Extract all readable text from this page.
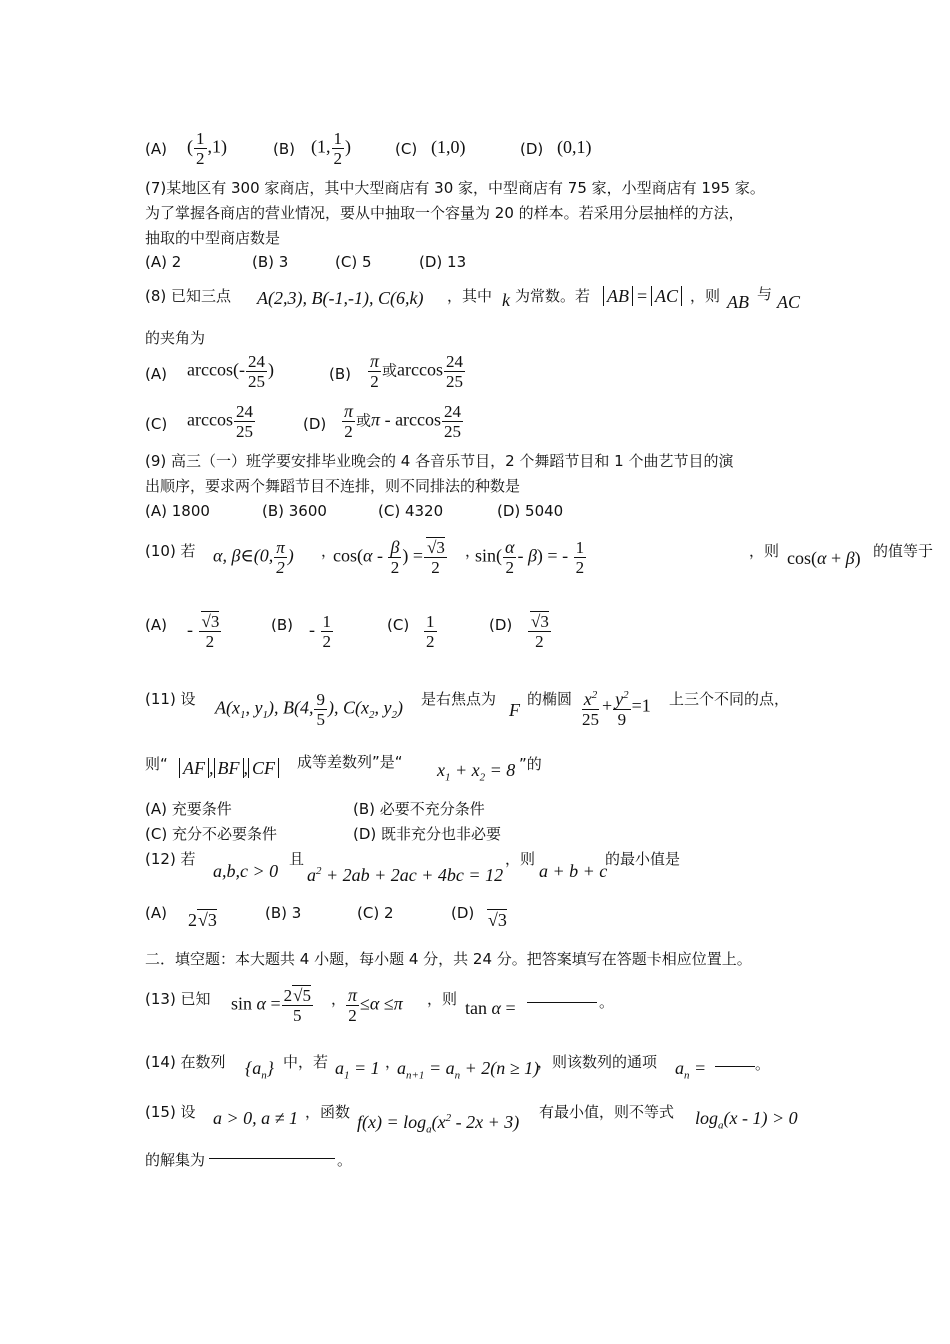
(A) ( $\frac{1}{2} ,1$)	(B) (1, $\frac{1}{2}$ )	(C) (1,0)	(D) (0,1)
(7)某地区有 300 家商店，其中大型商店有 30 家，中型商店有 75 家，小型商店有 195 家。
为了掌握各商店的营业情况，要从中抽取一个容量为 20 的样本。若采用分层抽样的方法，
抽取的中型商店数是
(A) 2	(B) 3	(C) 5	(D) 13
(8) 已知三点 A(2,3), B(-1,-1), C(6,k) ，其中 k 为常数。若 AB = AC ，则 AB 与 AC
的夹角为
(A) $\arccos(- \frac{24}{25}$ )	$(B) \frac{\pi}{2}$ 或$\arccos \frac{24}{25}$
(C) $\arccos \frac{24}{25}$	$(D) \frac{\pi}{2}$ 或π - $\arccos \frac{24}{25}$
(9) 高三（一）班学要安排毕业晚会的 4 各音乐节目，2 个舞蹈节目和 1 个曲艺节目的演
出顺序，要求两个舞蹈节目不连排，则不同排法的种数是
(A) 1800	(B) 3600	(C) 4320	(D) 5040
(10) 若 α, β∈(0, $\frac{\pi}{2}$ ) ，
$\cos(\alpha - \frac{\beta}{2}$ ) = $\frac{√3}{2}$ ，
$\sin( \frac{\alpha}{2} - \beta)$ = - $\frac{1}{2}$	，则 cos(α + β) 的值等于
$(A) - \frac{√3}{2}$	$(B) - \frac{1}{2}$	$(C) \frac{1}{2}$	$(D) \frac{√3}{2}$
(11) 设 $A(x_1$, $y_1$), B(4, $\frac{9}{5}$ ), $C(x_2$, $y_2$) 是右焦点为
F
的椭圆 $\frac{x^2}{25} + \frac{y^2}{9} =1$ 上三个不同的点，
则“ AF , BF , CF 成等差数列”是“ $x_1 + x_2 = 8$ ”的
(A) 充要条件	(B) 必要不充分条件
(C) 充分不必要条件	(D) 既非充分也非必要
(12) 若
a,b,c > 0
且
$a^2 + 2ab + 2ac + 4bc = 12$
，则
a + b + c
的最小值是
(A) 2√3	(B) 3	(C) 2	(D) √3
二．填空题：本大题共 4 小题，每小题 4 分，共 24 分。把答案填写在答题卡相应位置上。
(13) 已知 $\sin \alpha = \frac{2√5}{5}$ ， $\frac{\pi}{2} \le\alpha \le\pi$ ，则 tan α =	。
(14) 在数列 $\{a_n\}$ 中，若 $a_1 = 1$ ，
$a_{n+1} = a_n + 2(n \ge 1)$
，则该数列的通项 $a_n$ =	。
(15) 设 a > 0, a ≠ 1 ，函数 $f(x) = \log_a(x^2 - 2x + 3)$ 有最小值，则不等式 $\log_a(x - 1) > 0$
的解集为	。
